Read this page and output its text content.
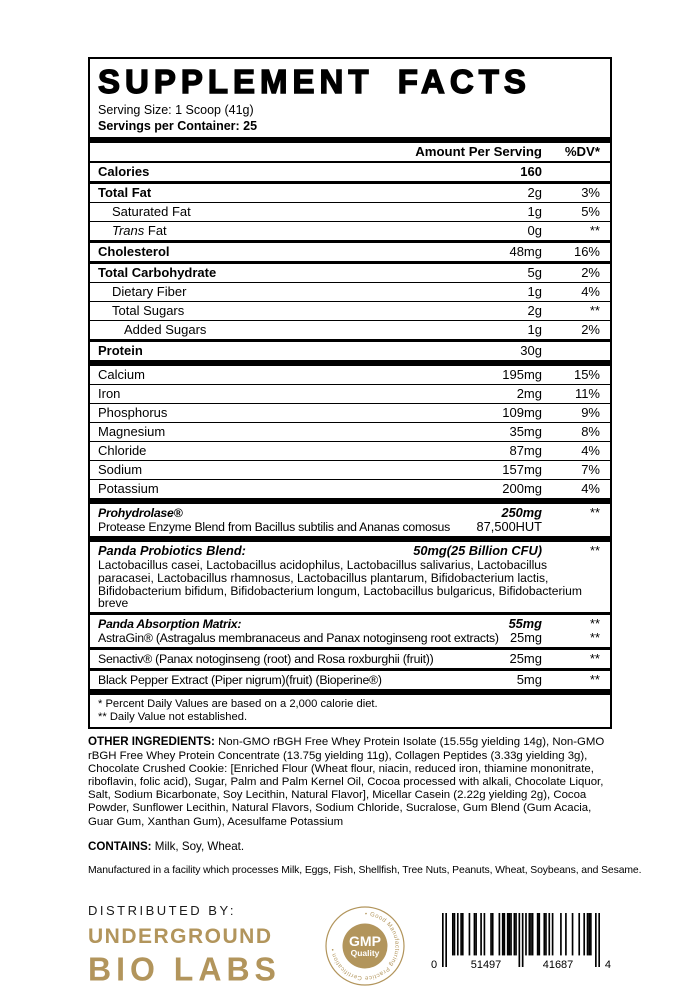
SUPPLEMENT FACTS
Serving Size: 1 Scoop (41g)
Servings per Container: 25
Amount Per Serving	%DV*
Calories	160
Total Fat	2g	3%
Saturated Fat	1g	5%
Trans Fat	0g	**
Cholesterol	48mg	16%
Total Carbohydrate	5g	2%
Dietary Fiber	1g	4%
Total Sugars	2g	**
Added Sugars	1g	2%
Protein	30g
Calcium	195mg	15%
Iron	2mg	11%
Phosphorus	109mg	9%
Magnesium	35mg	8%
Chloride	87mg	4%
Sodium	157mg	7%
Potassium	200mg	4%
Prohydrolase®	250mg	**
Protease Enzyme Blend from Bacillus subtilis and Ananas comosus	87,500HUT
Panda Probiotics Blend:	50mg(25 Billion CFU)	**
Lactobacillus casei, Lactobacillus acidophilus, Lactobacillus salivarius, Lactobacillus paracasei, Lactobacillus rhamnosus, Lactobacillus plantarum, Bifidobacterium lactis, Bifidobacterium bifidum, Bifidobacterium longum, Lactobacillus bulgaricus, Bifidobacterium breve
Panda Absorption Matrix:	55mg	**
AstraGin® (Astragalus membranaceus and Panax notoginseng root extracts) 25mg	**
Senactiv® (Panax notoginseng (root) and Rosa roxburghii (fruit))	25mg	**
Black Pepper Extract (Piper nigrum)(fruit) (Bioperine®)	5mg	**
* Percent Daily Values are based on a 2,000 calorie diet.
** Daily Value not established.

OTHER INGREDIENTS: Non-GMO rBGH Free Whey Protein Isolate (15.55g yielding 14g), Non-GMO rBGH Free Whey Protein Concentrate (13.75g yielding 11g), Collagen Peptides (3.33g yielding 3g), Chocolate Crushed Cookie: [Enriched Flour (Wheat flour, niacin, reduced iron, thiamine mononitrate, riboflavin, folic acid), Sugar, Palm and Palm Kernel Oil, Cocoa processed with alkali, Chocolate Liquor, Salt, Sodium Bicarbonate, Soy Lecithin, Natural Flavor], Micellar Casein (2.22g yielding 2g), Cocoa Powder, Sunflower Lecithin, Natural Flavors, Sodium Chloride, Sucralose, Gum Blend (Gum Acacia, Guar Gum, Xanthan Gum), Acesulfame Potassium

CONTAINS: Milk, Soy, Wheat.

Manufactured in a facility which processes Milk, Eggs, Fish, Shellfish, Tree Nuts, Peanuts, Wheat, Soybeans, and Sesame.
DISTRIBUTED BY:
UNDERGROUND
BIO LABS
• Good Manufacturing Practice Certification •
GMP
Quality
0	51497	41687	4
